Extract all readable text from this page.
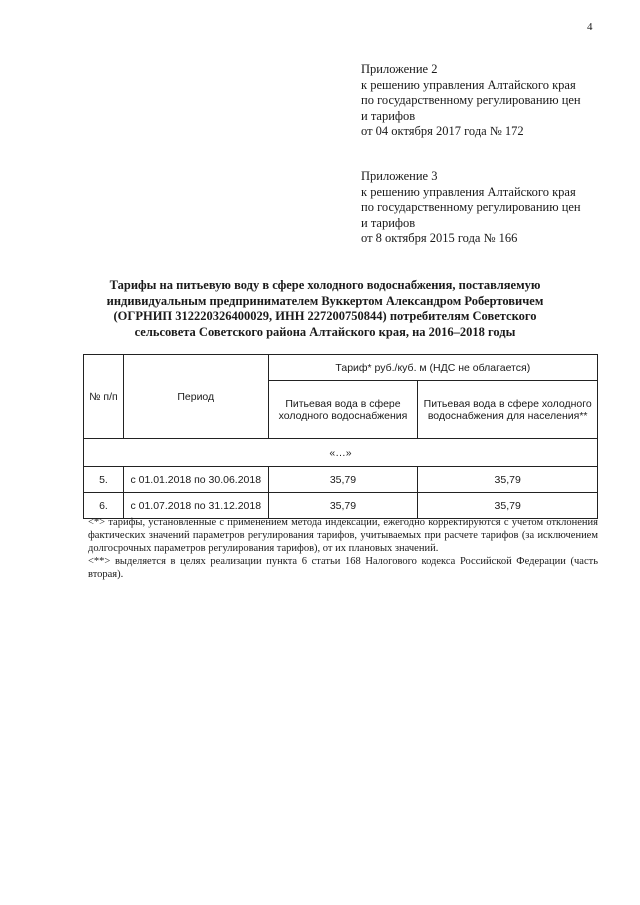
4
Приложение 2
к решению управления Алтайского края
по государственному регулированию цен
и тарифов
от 04 октября 2017 года № 172
Приложение 3
к решению управления Алтайского края
по государственному регулированию цен
и тарифов
от 8 октября 2015 года № 166
Тарифы на питьевую воду в сфере холодного водоснабжения, поставляемую
индивидуальным предпринимателем Вуккертом Александром Робертовичем
(ОГРНИП 312220326400029, ИНН 227200750844) потребителям Советского
сельсовета Советского района Алтайского края, на 2016–2018 годы
№ п/п	Период	Тариф* руб./куб. м (НДС не облагается)	
		Питьевая вода в сфере холодного водоснабжения	Питьевая вода в сфере холодного водоснабжения для населения**
«…»			
5.	с 01.01.2018 по 30.06.2018	35,79	35,79
6.	с 01.07.2018 по 31.12.2018	35,79	35,79

<*> тарифы, установленные с применением метода индексации, ежегодно корректируются с учетом отклонения фактических значений параметров регулирования тарифов, учитываемых при расчете тарифов (за исключением долгосрочных параметров регулирования тарифов), от их плановых значений.

<**> выделяется в целях реализации пункта 6 статьи 168 Налогового кодекса Российской Федерации (часть вторая).
